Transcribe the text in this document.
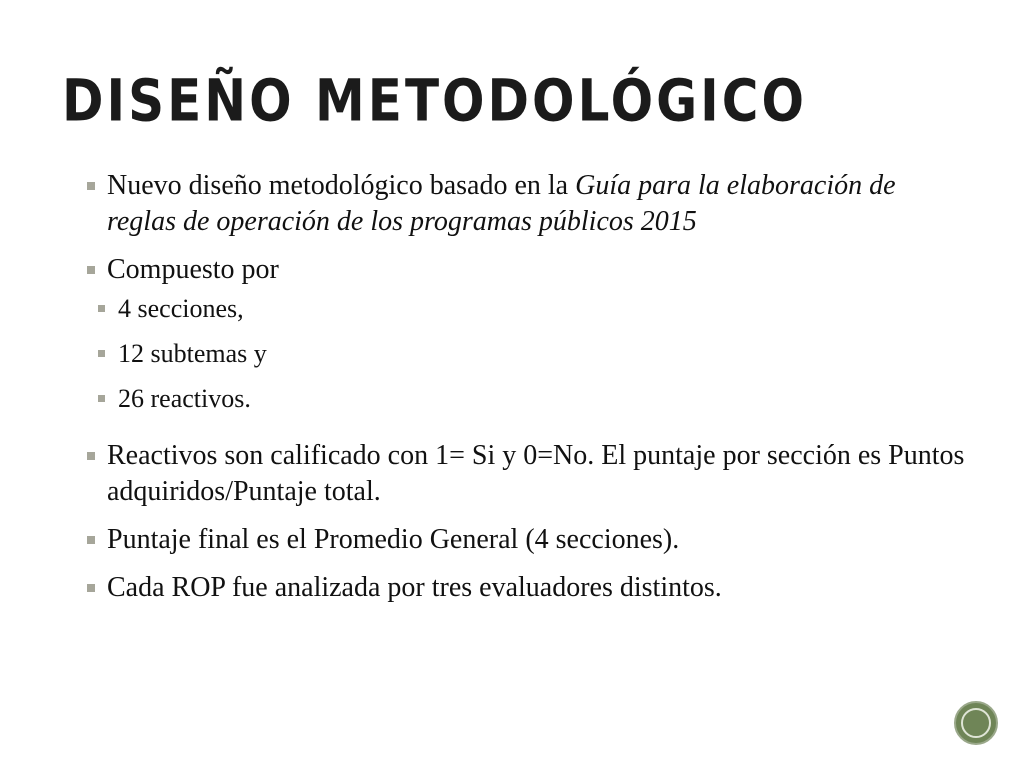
DISEÑO METODOLÓGICO
Nuevo diseño metodológico basado en la Guía para la elaboración de reglas de operación de los programas públicos 2015
Compuesto por
4 secciones,
12 subtemas y
26 reactivos.
Reactivos son calificado con 1= Si y 0=No. El puntaje por sección es Puntos adquiridos/Puntaje total.
Puntaje final es el Promedio General (4 secciones).
Cada ROP fue analizada por tres evaluadores distintos.
